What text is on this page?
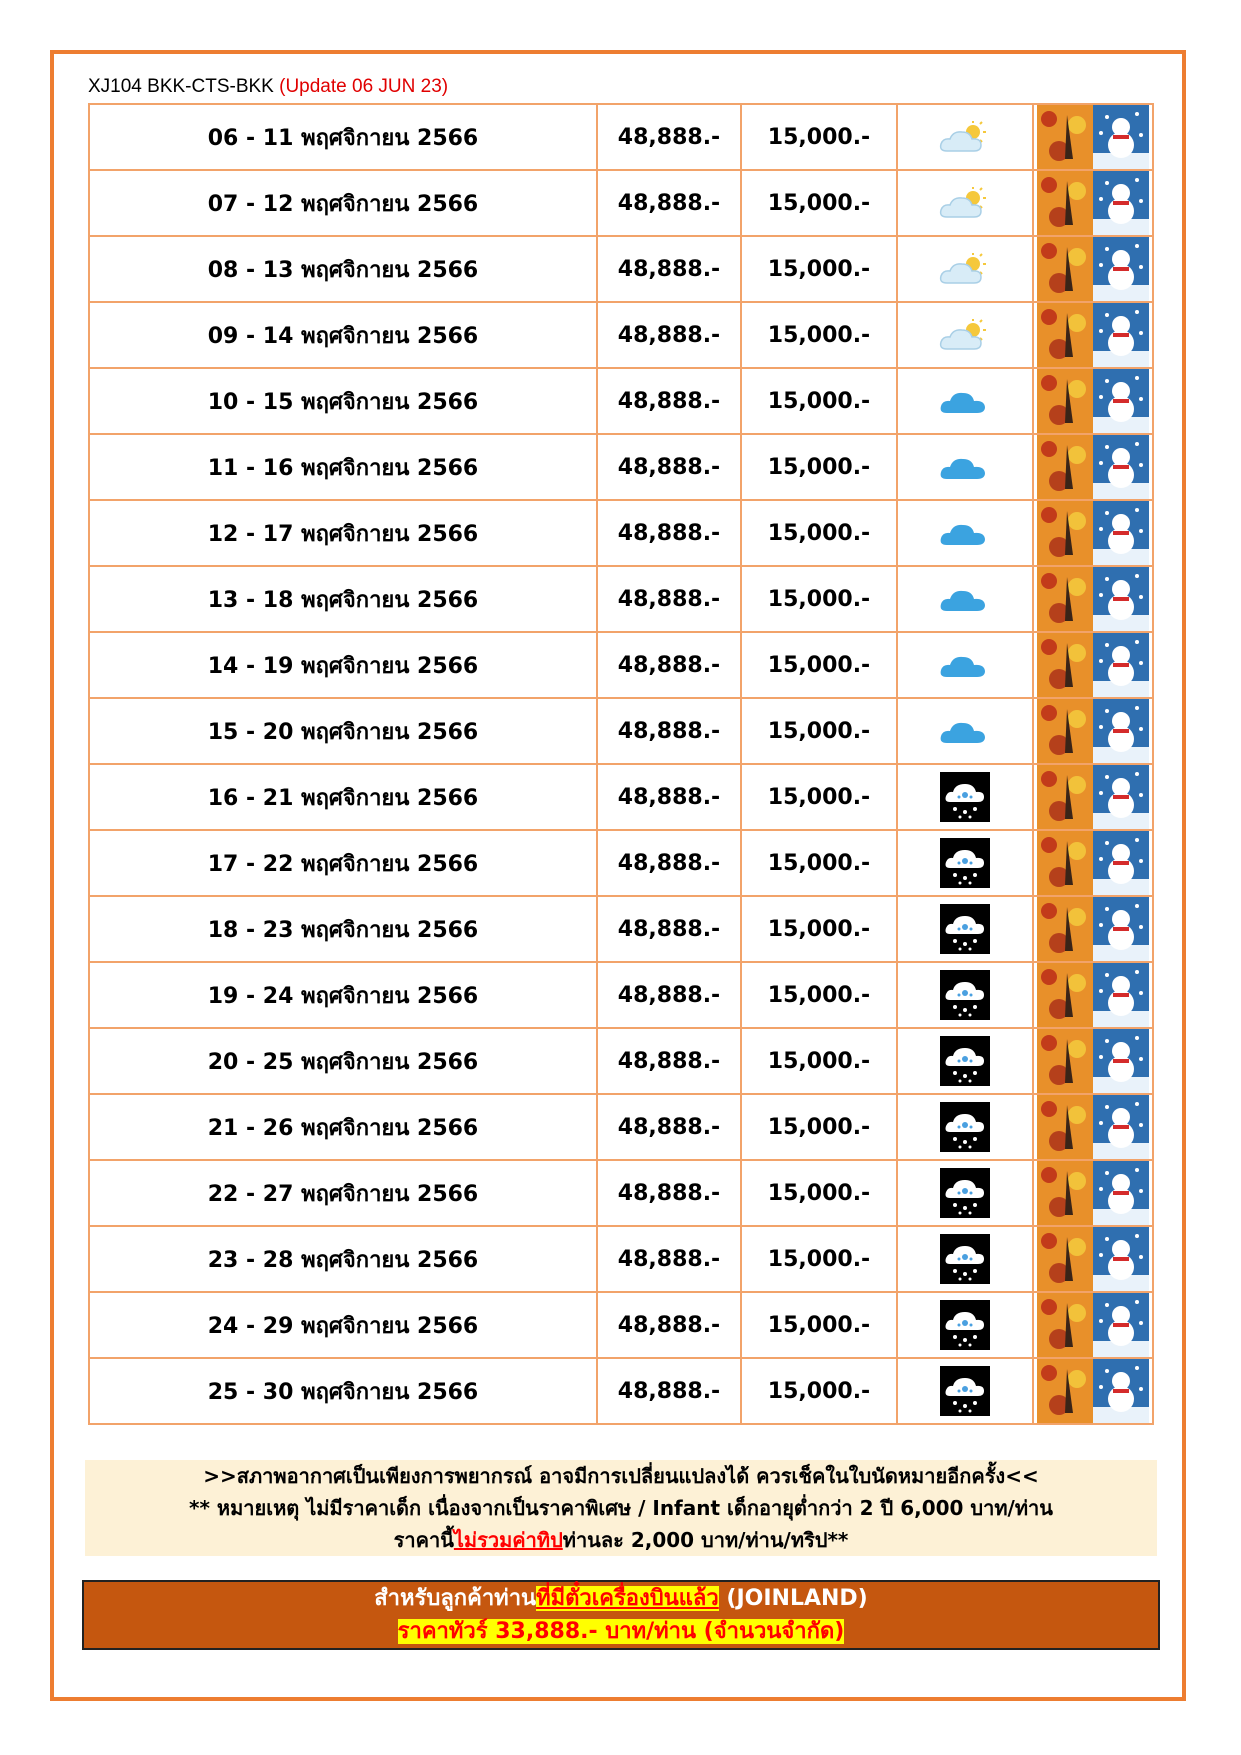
XJ104 BKK-CTS-BKK (Update 06 JUN 23)
06 - 11 พฤศจิกายน 2566	48,888.-	15,000.-		
07 - 12 พฤศจิกายน 2566	48,888.-	15,000.-		
08 - 13 พฤศจิกายน 2566	48,888.-	15,000.-		
09 - 14 พฤศจิกายน 2566	48,888.-	15,000.-		
10 - 15 พฤศจิกายน 2566	48,888.-	15,000.-		
11 - 16 พฤศจิกายน 2566	48,888.-	15,000.-		
12 - 17 พฤศจิกายน 2566	48,888.-	15,000.-		
13 - 18 พฤศจิกายน 2566	48,888.-	15,000.-		
14 - 19 พฤศจิกายน 2566	48,888.-	15,000.-		
15 - 20 พฤศจิกายน 2566	48,888.-	15,000.-		
16 - 21 พฤศจิกายน 2566	48,888.-	15,000.-		
17 - 22 พฤศจิกายน 2566	48,888.-	15,000.-		
18 - 23 พฤศจิกายน 2566	48,888.-	15,000.-		
19 - 24 พฤศจิกายน 2566	48,888.-	15,000.-		
20 - 25 พฤศจิกายน 2566	48,888.-	15,000.-		
21 - 26 พฤศจิกายน 2566	48,888.-	15,000.-		
22 - 27 พฤศจิกายน 2566	48,888.-	15,000.-		
23 - 28 พฤศจิกายน 2566	48,888.-	15,000.-		
24 - 29 พฤศจิกายน 2566	48,888.-	15,000.-		
25 - 30 พฤศจิกายน 2566	48,888.-	15,000.-		
>>สภาพอากาศเป็นเพียงการพยากรณ์ อาจมีการเปลี่ยนแปลงได้ ควรเช็คในใบนัดหมายอีกครั้ง<<
** หมายเหตุ ไม่มีราคาเด็ก เนื่องจากเป็นราคาพิเศษ / Infant เด็กอายุต่ำกว่า 2 ปี 6,000 บาท/ท่าน
ราคานี้ไม่รวมค่าทิปท่านละ 2,000 บาท/ท่าน/ทริป**
สำหรับลูกค้าท่านที่มีตั๋วเครื่องบินแล้ว (JOINLAND)
ราคาทัวร์ 33,888.- บาท/ท่าน (จำนวนจำกัด)
